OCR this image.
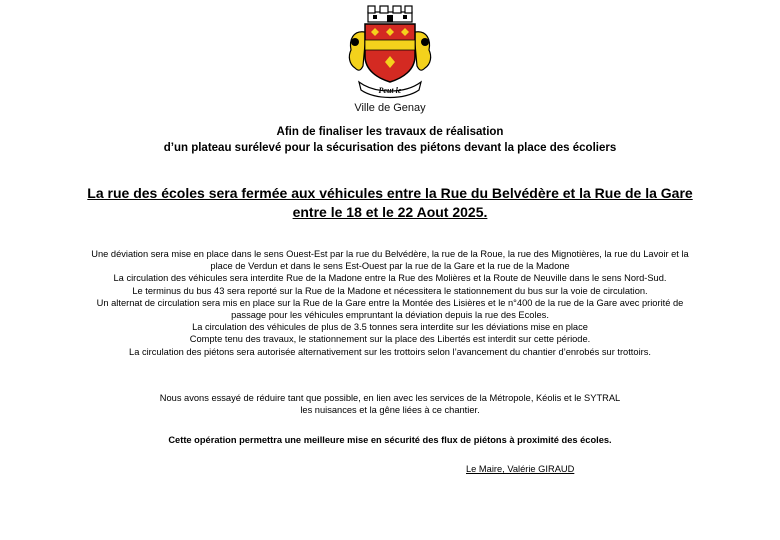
Peut le
Ville de Genay
Afin de finaliser les travaux de réalisation
d’un plateau surélevé pour la sécurisation des piétons devant la place des écoliers
La rue des écoles sera fermée aux véhicules entre la Rue du Belvédère et la Rue de la Gare
entre le 18 et le 22 Aout 2025.
Une déviation sera mise en place dans le sens Ouest-Est par la rue du Belvédère, la rue de la Roue, la rue des Mignotières, la rue du Lavoir et la
place de Verdun et dans le sens Est-Ouest par la rue de la Gare et la rue de la Madone
La circulation des véhicules sera interdite Rue de la Madone entre la Rue des Molières et la Route de Neuville dans le sens Nord-Sud.
Le terminus du bus 43 sera reporté sur la Rue de la Madone et nécessitera le stationnement du bus sur la voie de circulation.
Un alternat de circulation sera mis en place sur la Rue de la Gare entre la Montée des Lisières et le n°400 de la rue de la Gare avec priorité de
passage pour les véhicules empruntant la déviation depuis la rue des Ecoles.
La circulation des véhicules de plus de 3.5 tonnes sera interdite sur les déviations mise en place
Compte tenu des travaux, le stationnement sur la place des Libertés est interdit sur cette période.
La circulation des piétons sera autorisée alternativement sur les trottoirs selon l’avancement du chantier d’enrobés sur trottoirs.
Nous avons essayé de réduire tant que possible, en lien avec les services de la Métropole, Kéolis et le SYTRAL
les nuisances et la gêne liées à ce chantier.
Cette opération permettra une meilleure mise en sécurité des flux de piétons à proximité des écoles.
Le Maire, Valérie GIRAUD
